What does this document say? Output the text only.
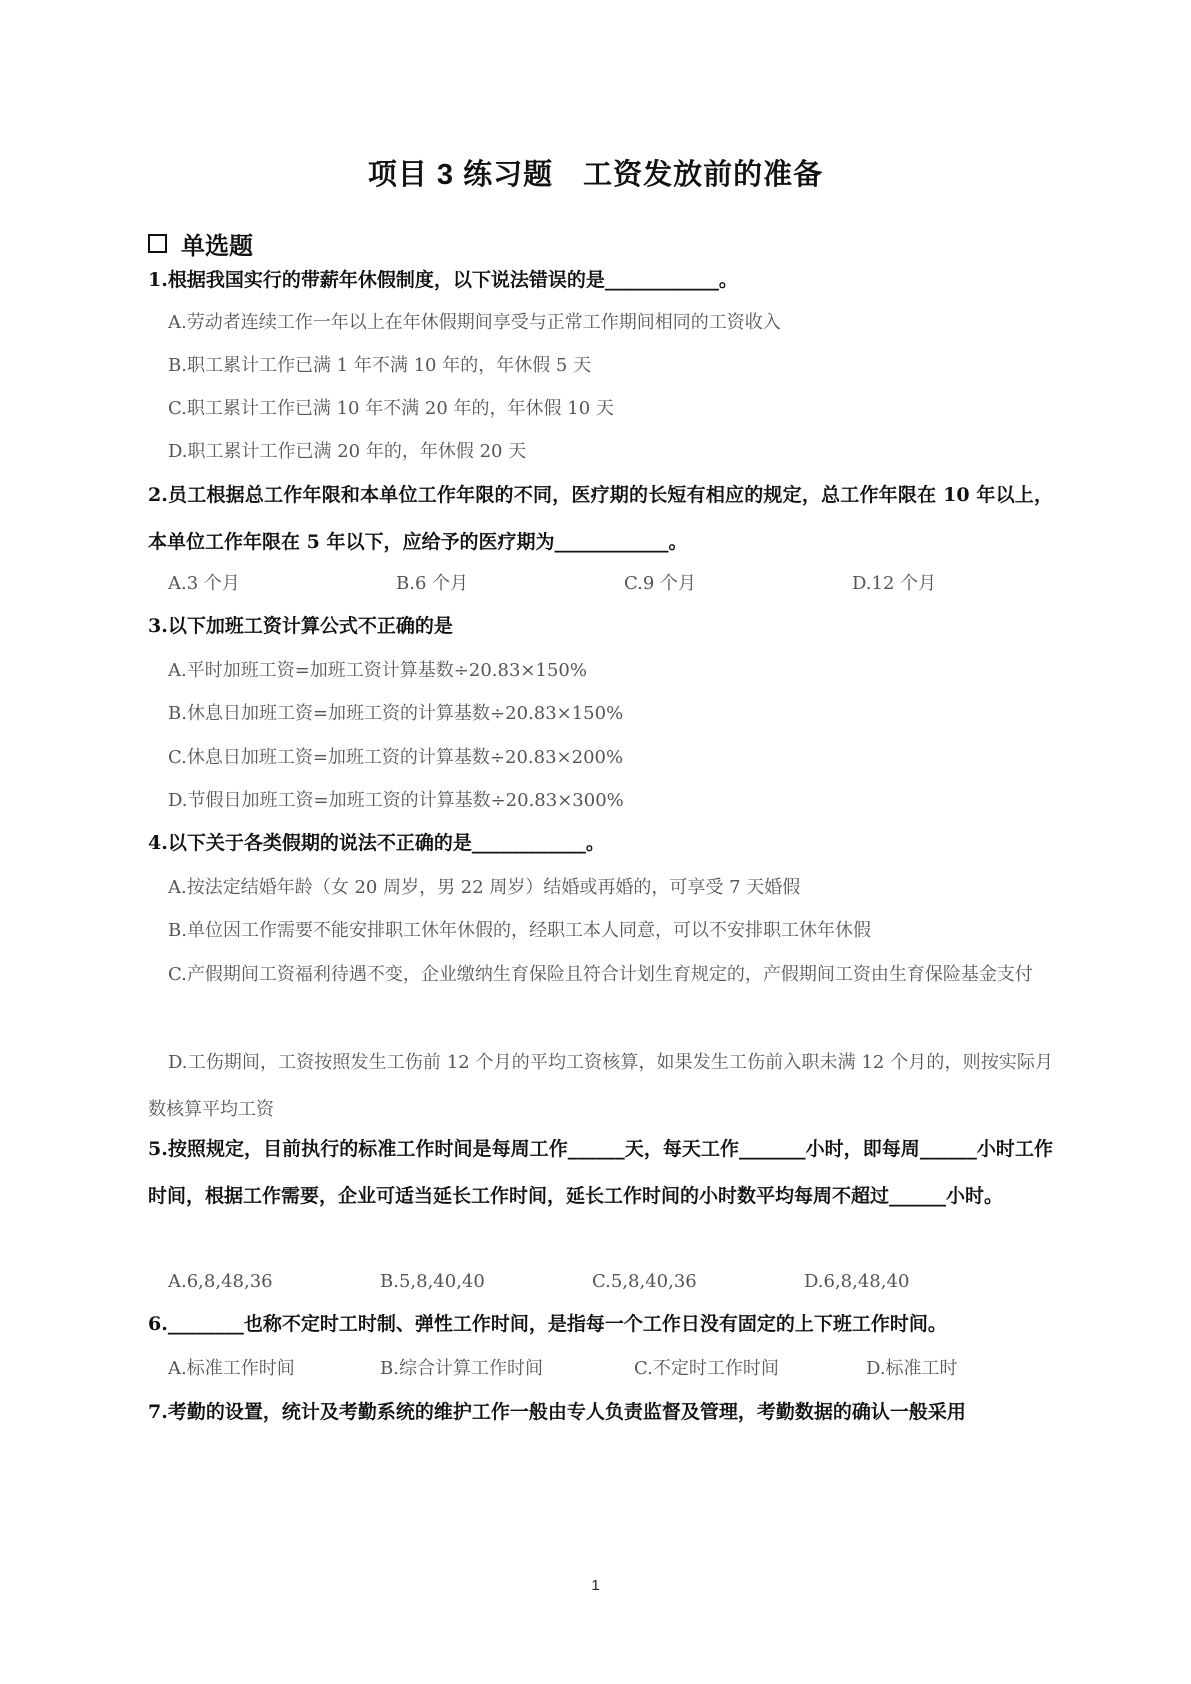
项目 3 练习题　工资发放前的准备
单选题
1.根据我国实行的带薪年休假制度，以下说法错误的是____________。
A.劳动者连续工作一年以上在年休假期间享受与正常工作期间相同的工资收入
B.职工累计工作已满 1 年不满 10 年的，年休假 5 天
C.职工累计工作已满 10 年不满 20 年的，年休假 10 天
D.职工累计工作已满 20 年的，年休假 20 天
2.员工根据总工作年限和本单位工作年限的不同，医疗期的长短有相应的规定，总工作年限在 10 年以上，本单位工作年限在 5 年以下，应给予的医疗期为____________。
A.3 个月	B.6 个月	C.9 个月	D.12 个月
3.以下加班工资计算公式不正确的是
A.平时加班工资=加班工资计算基数÷20.83×150%
B.休息日加班工资=加班工资的计算基数÷20.83×150%
C.休息日加班工资=加班工资的计算基数÷20.83×200%
D.节假日加班工资=加班工资的计算基数÷20.83×300%
4.以下关于各类假期的说法不正确的是____________。
A.按法定结婚年龄（女 20 周岁，男 22 周岁）结婚或再婚的，可享受 7 天婚假
B.单位因工作需要不能安排职工休年休假的，经职工本人同意，可以不安排职工休年休假
C.产假期间工资福利待遇不变，企业缴纳生育保险且符合计划生育规定的，产假期间工资由生育保险基金支付
D.工伤期间，工资按照发生工伤前 12 个月的平均工资核算，如果发生工伤前入职未满 12 个月的，则按实际月数核算平均工资
5.按照规定，目前执行的标准工作时间是每周工作______天，每天工作_______小时，即每周______小时工作时间，根据工作需要，企业可适当延长工作时间，延长工作时间的小时数平均每周不超过______小时。
A.6,8,48,36	B.5,8,40,40	C.5,8,40,36	D.6,8,48,40
6.________也称不定时工时制、弹性工作时间，是指每一个工作日没有固定的上下班工作时间。
A.标准工作时间	B.综合计算工作时间	C.不定时工作时间	D.标准工时
7.考勤的设置，统计及考勤系统的维护工作一般由专人负责监督及管理，考勤数据的确认一般采用
1
